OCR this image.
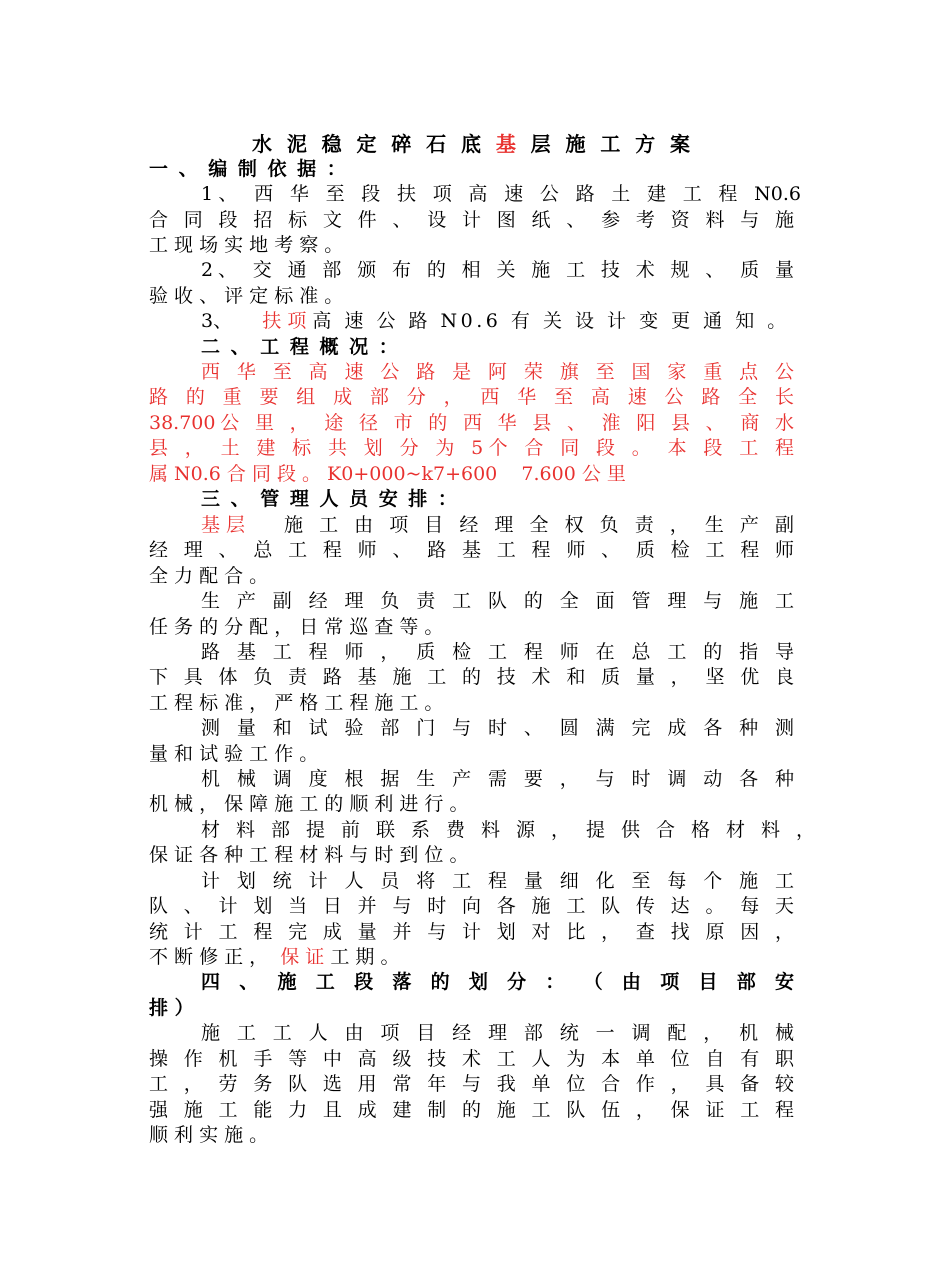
水 泥 稳 定 碎 石 底 基 层 施 工 方 案
一 、 编 制 依 据 ：
1、 西 华 至 段 扶 项 高 速 公 路 土 建 工 程 N0.6
合 同 段 招 标 文 件 、 设 计 图 纸 、 参 考 资 料 与 施
工 现 场 实 地 考 察 。
2、 交 通 部 颁 布 的 相 关 施 工 技 术 规 、 质 量
验 收 、 评 定 标 准 。
3、 扶 项 高 速 公 路 N0.6 有 关 设 计 变 更 通 知 。
二 、 工 程 概 况 ：
西 华 至 高 速 公 路 是 阿 荣 旗 至 国 家 重 点 公
路 的 重 要 组 成 部 分 ， 西 华 至 高 速 公 路 全 长
38.700公 里 ， 途 径 市 的 西 华 县 、 淮 阳 县 、 商 水
县 ， 土 建 标 共 划 分 为 5个 合 同 段 。 本 段 工 程
属 N0.6 合 同 段 。 K0+000~k7+600    7.600 公 里
三 、 管 理 人 员 安 排 ：
基 层 施 工 由 项 目 经 理 全 权 负 责 ， 生 产 副
经 理 、 总 工 程 师 、 路 基 工 程 师 、 质 检 工 程 师
全 力 配 合 。
生 产 副 经 理 负 责 工 队 的 全 面 管 理 与 施 工
任 务 的 分 配 ， 日 常 巡 查 等 。
路 基 工 程 师 ， 质 检 工 程 师 在 总 工 的 指 导
下 具 体 负 责 路 基 施 工 的 技 术 和 质 量 ， 坚 优 良
工 程 标 准 ， 严 格 工 程 施 工 。
测 量 和 试 验 部 门 与 时 、 圆 满 完 成 各 种 测
量 和 试 验 工 作 。
机 械 调 度 根 据 生 产 需 要 ， 与 时 调 动 各 种
机 械 ， 保 障 施 工 的 顺 利 进 行 。
材 料 部 提 前 联 系 费 料 源 ， 提 供 合 格 材 料 ，
保 证 各 种 工 程 材 料 与 时 到 位 。
计 划 统 计 人 员 将 工 程 量 细 化 至 每 个 施 工
队 、 计 划 当 日 并 与 时 向 各 施 工 队 传 达 。 每 天
统 计 工 程 完 成 量 并 与 计 划 对 比 ， 查 找 原 因 ，
不 断 修 正 ， 保 证 工 期 。
四 、 施 工 段 落 的 划 分 ： （ 由 项 目 部 安
排 ）
施 工 工 人 由 项 目 经 理 部 统 一 调 配 ， 机 械
操 作 机 手 等 中 高 级 技 术 工 人 为 本 单 位 自 有 职
工 ， 劳 务 队 选 用 常 年 与 我 单 位 合 作 ， 具 备 较
强 施 工 能 力 且 成 建 制 的 施 工 队 伍 ， 保 证 工 程
顺 利 实 施 。
